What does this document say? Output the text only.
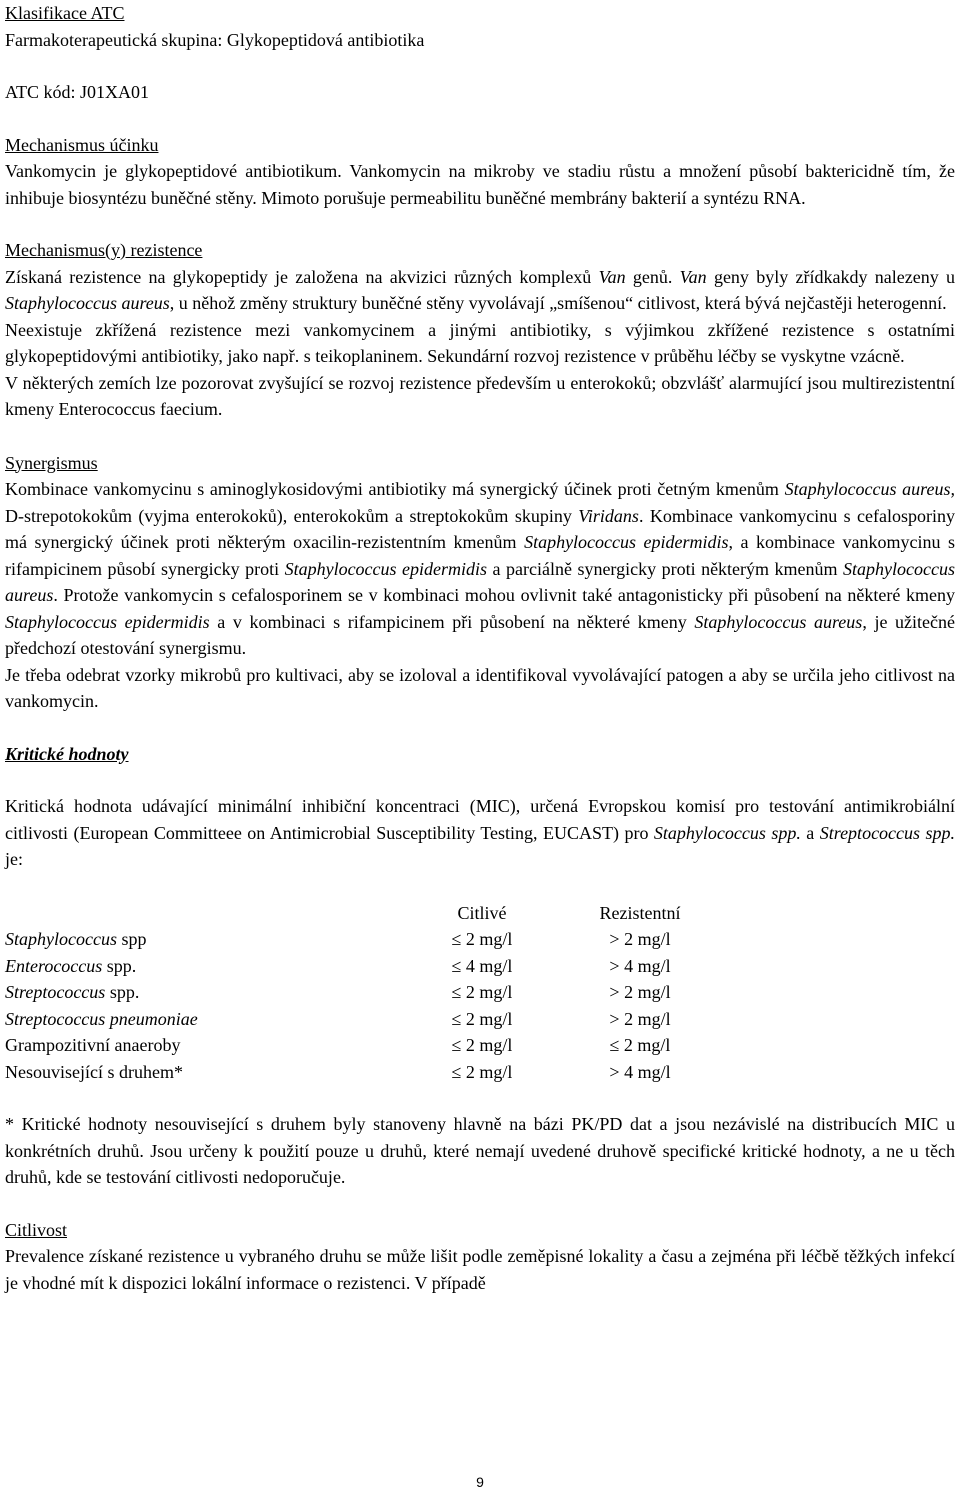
Klasifikace ATC

Farmakoterapeutická skupina: Glykopeptidová antibiotika

ATC kód: J01XA01

Mechanismus účinku

Vankomycin je glykopeptidové antibiotikum. Vankomycin na mikroby ve stadiu růstu a množení působí baktericidně tím, že inhibuje biosyntézu buněčné stěny. Mimoto porušuje permeabilitu buněčné membrány bakterií a syntézu RNA.

Mechanismus(y) rezistence

Získaná rezistence na glykopeptidy je založena na akvizici různých komplexů Van genů. Van geny byly zřídkakdy nalezeny u Staphylococcus aureus, u něhož změny struktury buněčné stěny vyvolávají „smíšenou“ citlivost, která bývá nejčastěji heterogenní.

Neexistuje zkřížená rezistence mezi vankomycinem a jinými antibiotiky, s výjimkou zkřížené rezistence s ostatními glykopeptidovými antibiotiky, jako např. s teikoplaninem. Sekundární rozvoj rezistence v průběhu léčby se vyskytne vzácně.

V některých zemích lze pozorovat zvyšující se rozvoj rezistence především u enterokoků; obzvlášť alarmující jsou multirezistentní kmeny Enterococcus faecium.

Synergismus

Kombinace vankomycinu s aminoglykosidovými antibiotiky má synergický účinek proti četným kmenům Staphylococcus aureus, D-strepotokokům (vyjma enterokoků), enterokokům a streptokokům skupiny Viridans. Kombinace vankomycinu s cefalosporiny má synergický účinek proti některým oxacilin-rezistentním kmenům Staphylococcus epidermidis, a kombinace vankomycinu s rifampicinem působí synergicky proti Staphylococcus epidermidis a parciálně synergicky proti některým kmenům Staphylococcus aureus. Protože vankomycin s cefalosporinem se v kombinaci mohou ovlivnit také antagonisticky při působení na některé kmeny Staphylococcus epidermidis a v kombinaci s rifampicinem při působení na některé kmeny Staphylococcus aureus, je užitečné předchozí otestování synergismu.

Je třeba odebrat vzorky mikrobů pro kultivaci, aby se izoloval a identifikoval vyvolávající patogen a aby se určila jeho citlivost na vankomycin.

Kritické hodnoty

Kritická hodnota udávající minimální inhibiční koncentraci (MIC), určená Evropskou komisí pro testování antimikrobiální citlivosti (European Committeee on Antimicrobial Susceptibility Testing, EUCAST) pro Staphylococcus spp. a Streptococcus spp. je:

	Citlivé	Rezistentní
Staphylococcus spp	≤ 2 mg/l	> 2 mg/l
Enterococcus spp.	≤ 4 mg/l	> 4 mg/l
Streptococcus spp.	≤ 2 mg/l	> 2 mg/l
Streptococcus pneumoniae	≤ 2 mg/l	> 2 mg/l
Grampozitivní anaeroby	≤ 2 mg/l	≤ 2 mg/l
Nesouvisející s druhem*	≤ 2 mg/l	> 4 mg/l

* Kritické hodnoty nesouvisející s druhem byly stanoveny hlavně na bázi PK/PD dat a jsou nezávislé na distribucích MIC u konkrétních druhů. Jsou určeny k použití pouze u druhů, které nemají uvedené druhově specifické kritické hodnoty, a ne u těch druhů, kde se testování citlivosti nedoporučuje.

Citlivost

Prevalence získané rezistence u vybraného druhu se může lišit podle zeměpisné lokality a času a zejména při léčbě těžkých infekcí je vhodné mít k dispozici lokální informace o rezistenci. V případě

9
